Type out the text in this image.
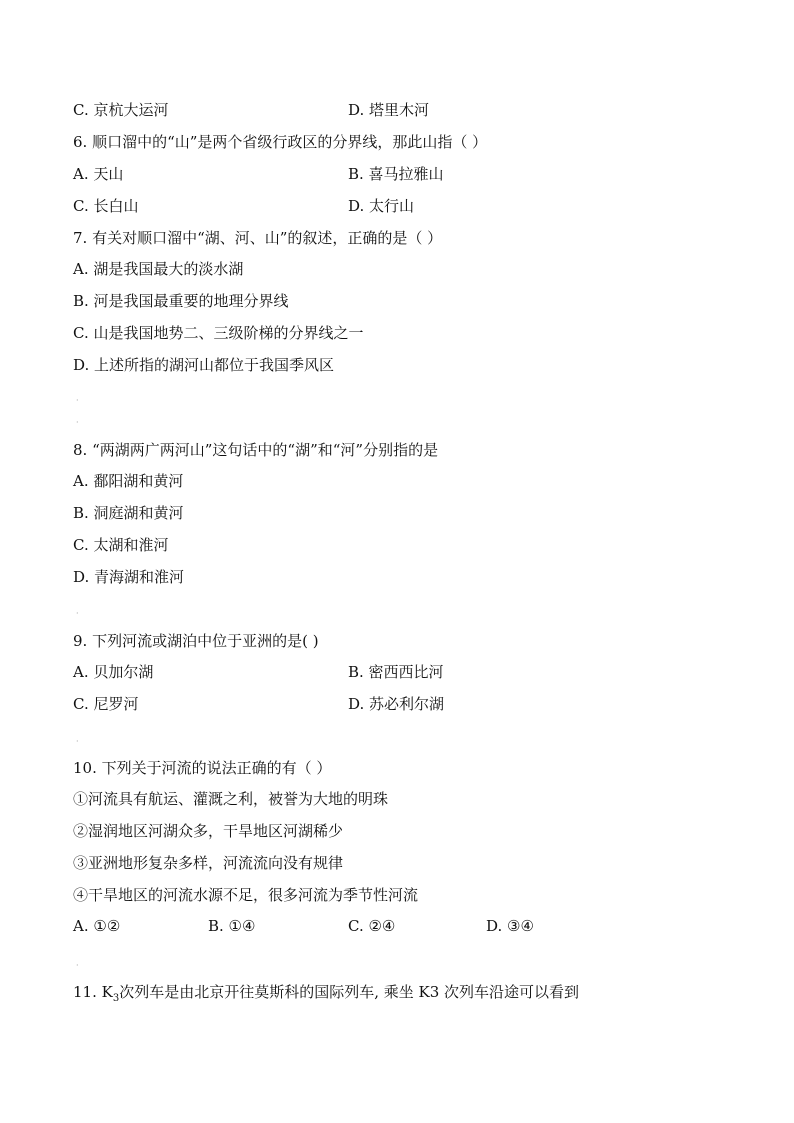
C. 京杭大运河	D. 塔里木河
6. 顺口溜中的“山”是两个省级行政区的分界线，那此山指（ ）
A. 天山	B. 喜马拉雅山
C. 长白山	D. 太行山
7. 有关对顺口溜中“湖、河、山”的叙述，正确的是（ ）
A. 湖是我国最大的淡水湖
B. 河是我国最重要的地理分界线
C. 山是我国地势二、三级阶梯的分界线之一
D. 上述所指的湖河山都位于我国季风区
·
·
8. “两湖两广两河山”这句话中的“湖”和“河”分别指的是
A. 鄱阳湖和黄河
B. 洞庭湖和黄河
C. 太湖和淮河
D. 青海湖和淮河
·
9. 下列河流或湖泊中位于亚洲的是( )
A. 贝加尔湖	B. 密西西比河
C. 尼罗河	D. 苏必利尔湖
·
10. 下列关于河流的说法正确的有（ ）
①河流具有航运、灌溉之利，被誉为大地的明珠
②湿润地区河湖众多，干旱地区河湖稀少
③亚洲地形复杂多样，河流流向没有规律
④干旱地区的河流水源不足，很多河流为季节性河流
A. ①②	B. ①④	C. ②④	D. ③④
·
11. $K_3$次列车是由北京开往莫斯科的国际列车, 乘坐 K3 次列车沿途可以看到
